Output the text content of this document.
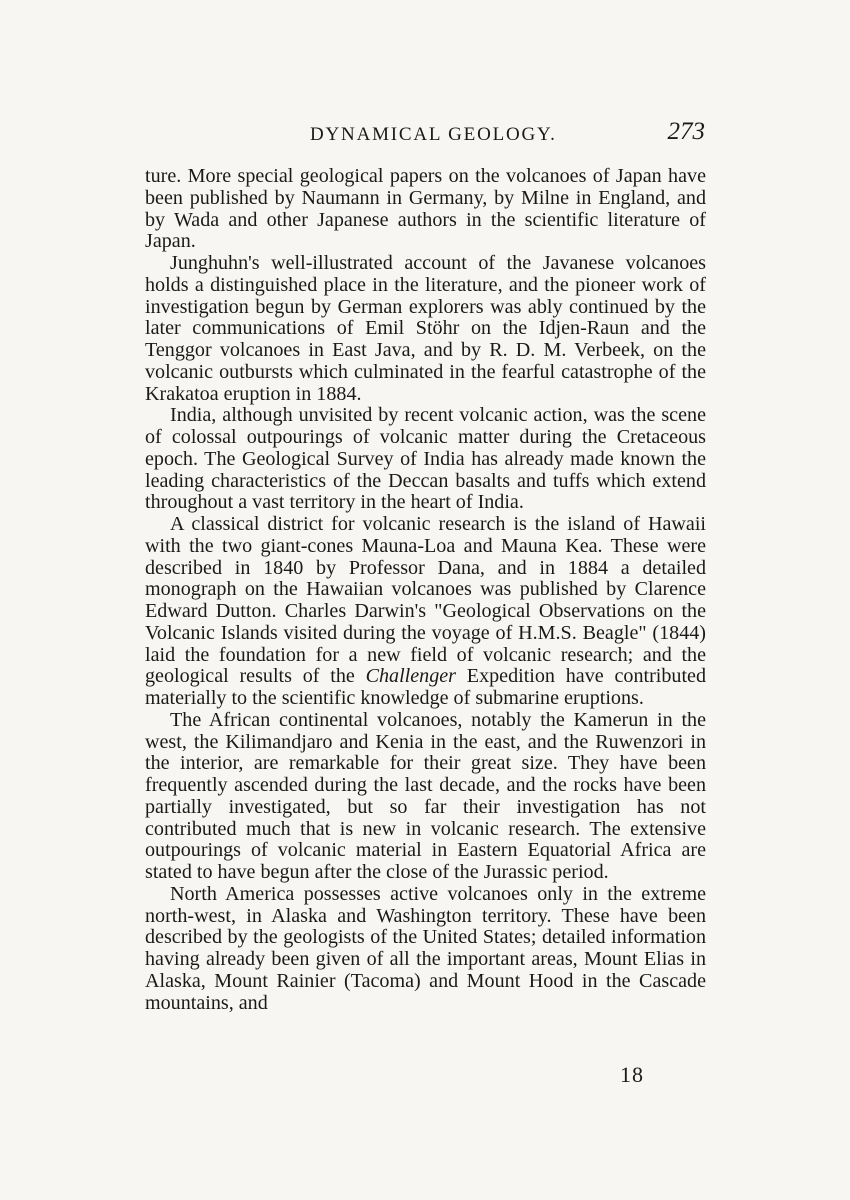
DYNAMICAL GEOLOGY.	273

ture. More special geological papers on the volcanoes of Japan have been published by Naumann in Germany, by Milne in England, and by Wada and other Japanese authors in the scientific literature of Japan.

Junghuhn's well-illustrated account of the Javanese volcanoes holds a distinguished place in the literature, and the pioneer work of investigation begun by German explorers was ably continued by the later communications of Emil Stöhr on the Idjen-Raun and the Tenggor volcanoes in East Java, and by R. D. M. Verbeek, on the volcanic outbursts which culminated in the fearful catastrophe of the Krakatoa eruption in 1884.

India, although unvisited by recent volcanic action, was the scene of colossal outpourings of volcanic matter during the Cretaceous epoch. The Geological Survey of India has already made known the leading characteristics of the Deccan basalts and tuffs which extend throughout a vast territory in the heart of India.

A classical district for volcanic research is the island of Hawaii with the two giant-cones Mauna-Loa and Mauna Kea. These were described in 1840 by Professor Dana, and in 1884 a detailed monograph on the Hawaiian volcanoes was published by Clarence Edward Dutton. Charles Darwin's "Geological Observations on the Volcanic Islands visited during the voyage of H.M.S. Beagle" (1844) laid the foundation for a new field of volcanic research; and the geological results of the Challenger Expedition have contributed materially to the scientific knowledge of submarine eruptions.

The African continental volcanoes, notably the Kamerun in the west, the Kilimandjaro and Kenia in the east, and the Ruwenzori in the interior, are remarkable for their great size. They have been frequently ascended during the last decade, and the rocks have been partially investigated, but so far their investigation has not contributed much that is new in volcanic research. The extensive outpourings of volcanic material in Eastern Equatorial Africa are stated to have begun after the close of the Jurassic period.

North America possesses active volcanoes only in the extreme north-west, in Alaska and Washington territory. These have been described by the geologists of the United States; detailed information having already been given of all the important areas, Mount Elias in Alaska, Mount Rainier (Tacoma) and Mount Hood in the Cascade mountains, and

18
